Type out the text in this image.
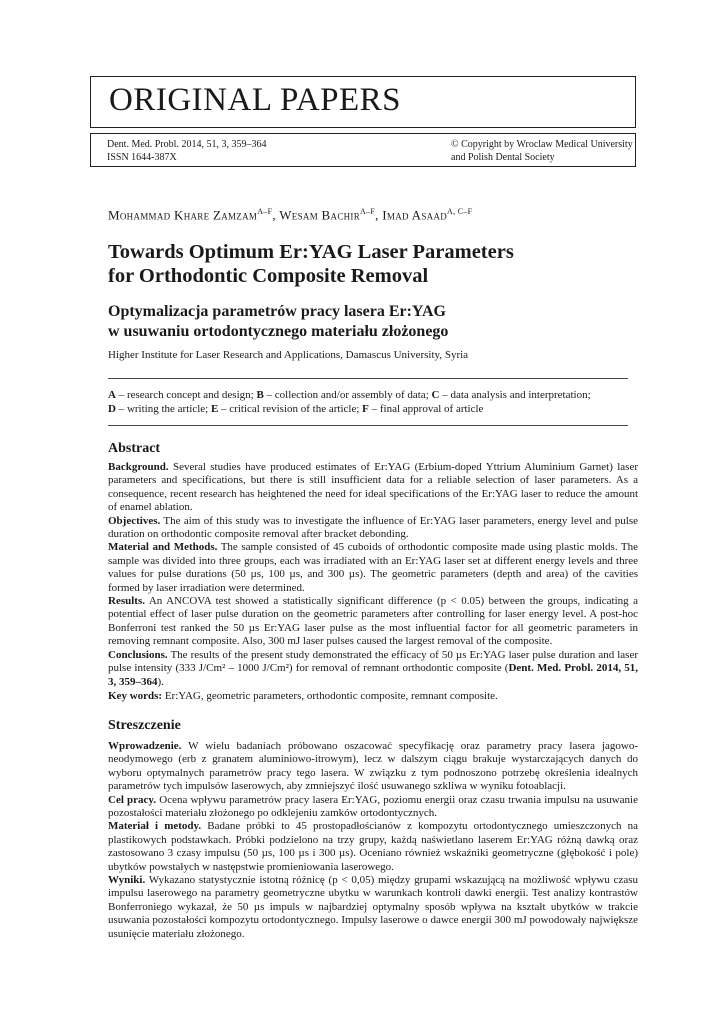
ORIGINAL PAPERS
Dent. Med. Probl. 2014, 51, 3, 359–364
ISSN 1644-387X
© Copyright by Wroclaw Medical University
and Polish Dental Society
Mohammad Khare Zamzam$^{A-F}$, Wesam Bachir$^{A-F}$, Imad Asaad$^{A, C-F}$
Towards Optimum Er:YAG Laser Parameters
for Orthodontic Composite Removal
Optymalizacja parametrów pracy lasera Er:YAG
w usuwaniu ortodontycznego materiału złożonego
Higher Institute for Laser Research and Applications, Damascus University, Syria
A – research concept and design; B – collection and/or assembly of data; C – data analysis and interpretation;
D – writing the article; E – critical revision of the article; F – final approval of article
Abstract

Background. Several studies have produced estimates of Er:YAG (Erbium-doped Yttrium Aluminium Garnet) laser parameters and specifications, but there is still insufficient data for a reliable selection of laser parameters. As a consequence, recent research has heightened the need for ideal specifications of the Er:YAG laser to reduce the amount of enamel ablation.

Objectives. The aim of this study was to investigate the influence of Er:YAG laser parameters, energy level and pulse duration on orthodontic composite removal after bracket debonding.

Material and Methods. The sample consisted of 45 cuboids of orthodontic composite made using plastic molds. The sample was divided into three groups, each was irradiated with an Er:YAG laser set at different energy levels and three values for pulse durations (50 µs, 100 µs, and 300 µs). The geometric parameters (depth and area) of the cavities formed by laser irradiation were determined.

Results. An ANCOVA test showed a statistically significant difference (p < 0.05) between the groups, indicating a potential effect of laser pulse duration on the geometric parameters after controlling for laser energy level. A post-hoc Bonferroni test ranked the 50 µs Er:YAG laser pulse as the most influential factor for all geometric parameters in removing remnant composite. Also, 300 mJ laser pulses caused the largest removal of the composite.

Conclusions. The results of the present study demonstrated the efficacy of 50 µs Er:YAG laser pulse duration and laser pulse intensity (333 J/Cm² – 1000 J/Cm²) for removal of remnant orthodontic composite (Dent. Med. Probl. 2014, 51, 3, 359–364).

Key words: Er:YAG, geometric parameters, orthodontic composite, remnant composite.
Streszczenie

Wprowadzenie. W wielu badaniach próbowano oszacować specyfikację oraz parametry pracy lasera jagowo-neodymowego (erb z granatem aluminiowo-itrowym), lecz w dalszym ciągu brakuje wystarczających danych do wyboru optymalnych parametrów pracy tego lasera. W związku z tym podnoszono potrzebę określenia idealnych parametrów tych impulsów laserowych, aby zmniejszyć ilość usuwanego szkliwa w wyniku fotoablacji.

Cel pracy. Ocena wpływu parametrów pracy lasera Er:YAG, poziomu energii oraz czasu trwania impulsu na usuwanie pozostałości materiału złożonego po odklejeniu zamków ortodontycznych.

Materiał i metody. Badane próbki to 45 prostopadłościanów z kompozytu ortodontycznego umieszczonych na plastikowych podstawkach. Próbki podzielono na trzy grupy, każdą naświetlano laserem Er:YAG różną dawką oraz zastosowano 3 czasy impulsu (50 µs, 100 µs i 300 µs). Oceniano również wskaźniki geometryczne (głębokość i pole) ubytków powstałych w następstwie promieniowania laserowego.

Wyniki. Wykazano statystycznie istotną różnicę (p < 0,05) między grupami wskazującą na możliwość wpływu czasu impulsu laserowego na parametry geometryczne ubytku w warunkach kontroli dawki energii. Test analizy kontrastów Bonferroniego wykazał, że 50 µs impuls w najbardziej optymalny sposób wpływa na kształt ubytków w trakcie usuwania pozostałości kompozytu ortodontycznego. Impulsy laserowe o dawce energii 300 mJ powodowały największe usunięcie materiału złożonego.
